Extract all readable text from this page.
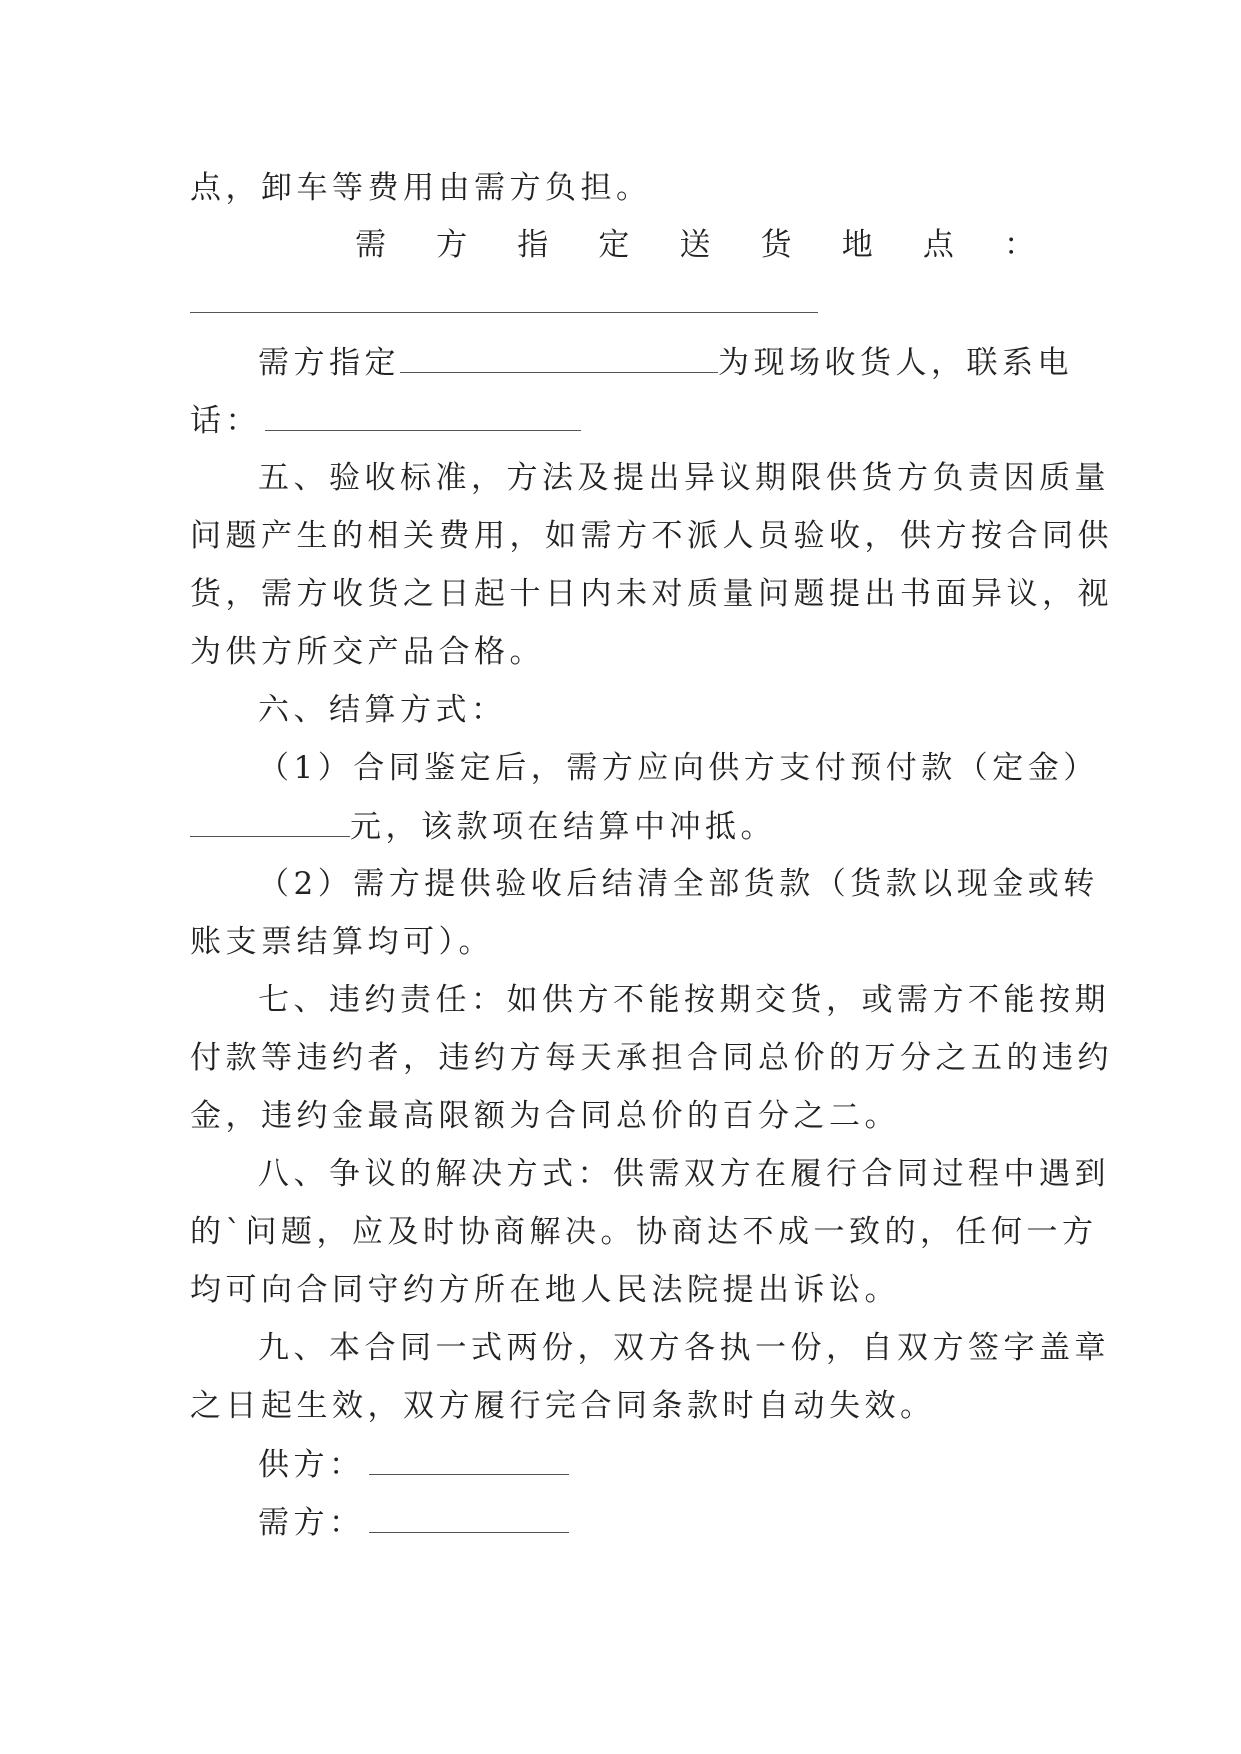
点，卸车等费用由需方负担。
需 方 指 定 送 货 地 点 ：
需方指定	为现场收货人，联系电
话：
五、验收标准，方法及提出异议期限供货方负责因质量
问题产生的相关费用，如需方不派人员验收，供方按合同供
货，需方收货之日起十日内未对质量问题提出书面异议，视
为供方所交产品合格。
六、结算方式：
（1）合同鉴定后，需方应向供方支付预付款（定金）
元，该款项在结算中冲抵。
（2）需方提供验收后结清全部货款（货款以现金或转
账支票结算均可）。
七、违约责任：如供方不能按期交货，或需方不能按期
付款等违约者，违约方每天承担合同总价的万分之五的违约
金，违约金最高限额为合同总价的百分之二。
八、争议的解决方式：供需双方在履行合同过程中遇到
的`问题，应及时协商解决。协商达不成一致的，任何一方
均可向合同守约方所在地人民法院提出诉讼。
九、本合同一式两份，双方各执一份，自双方签字盖章
之日起生效，双方履行完合同条款时自动失效。
供方：
需方：
